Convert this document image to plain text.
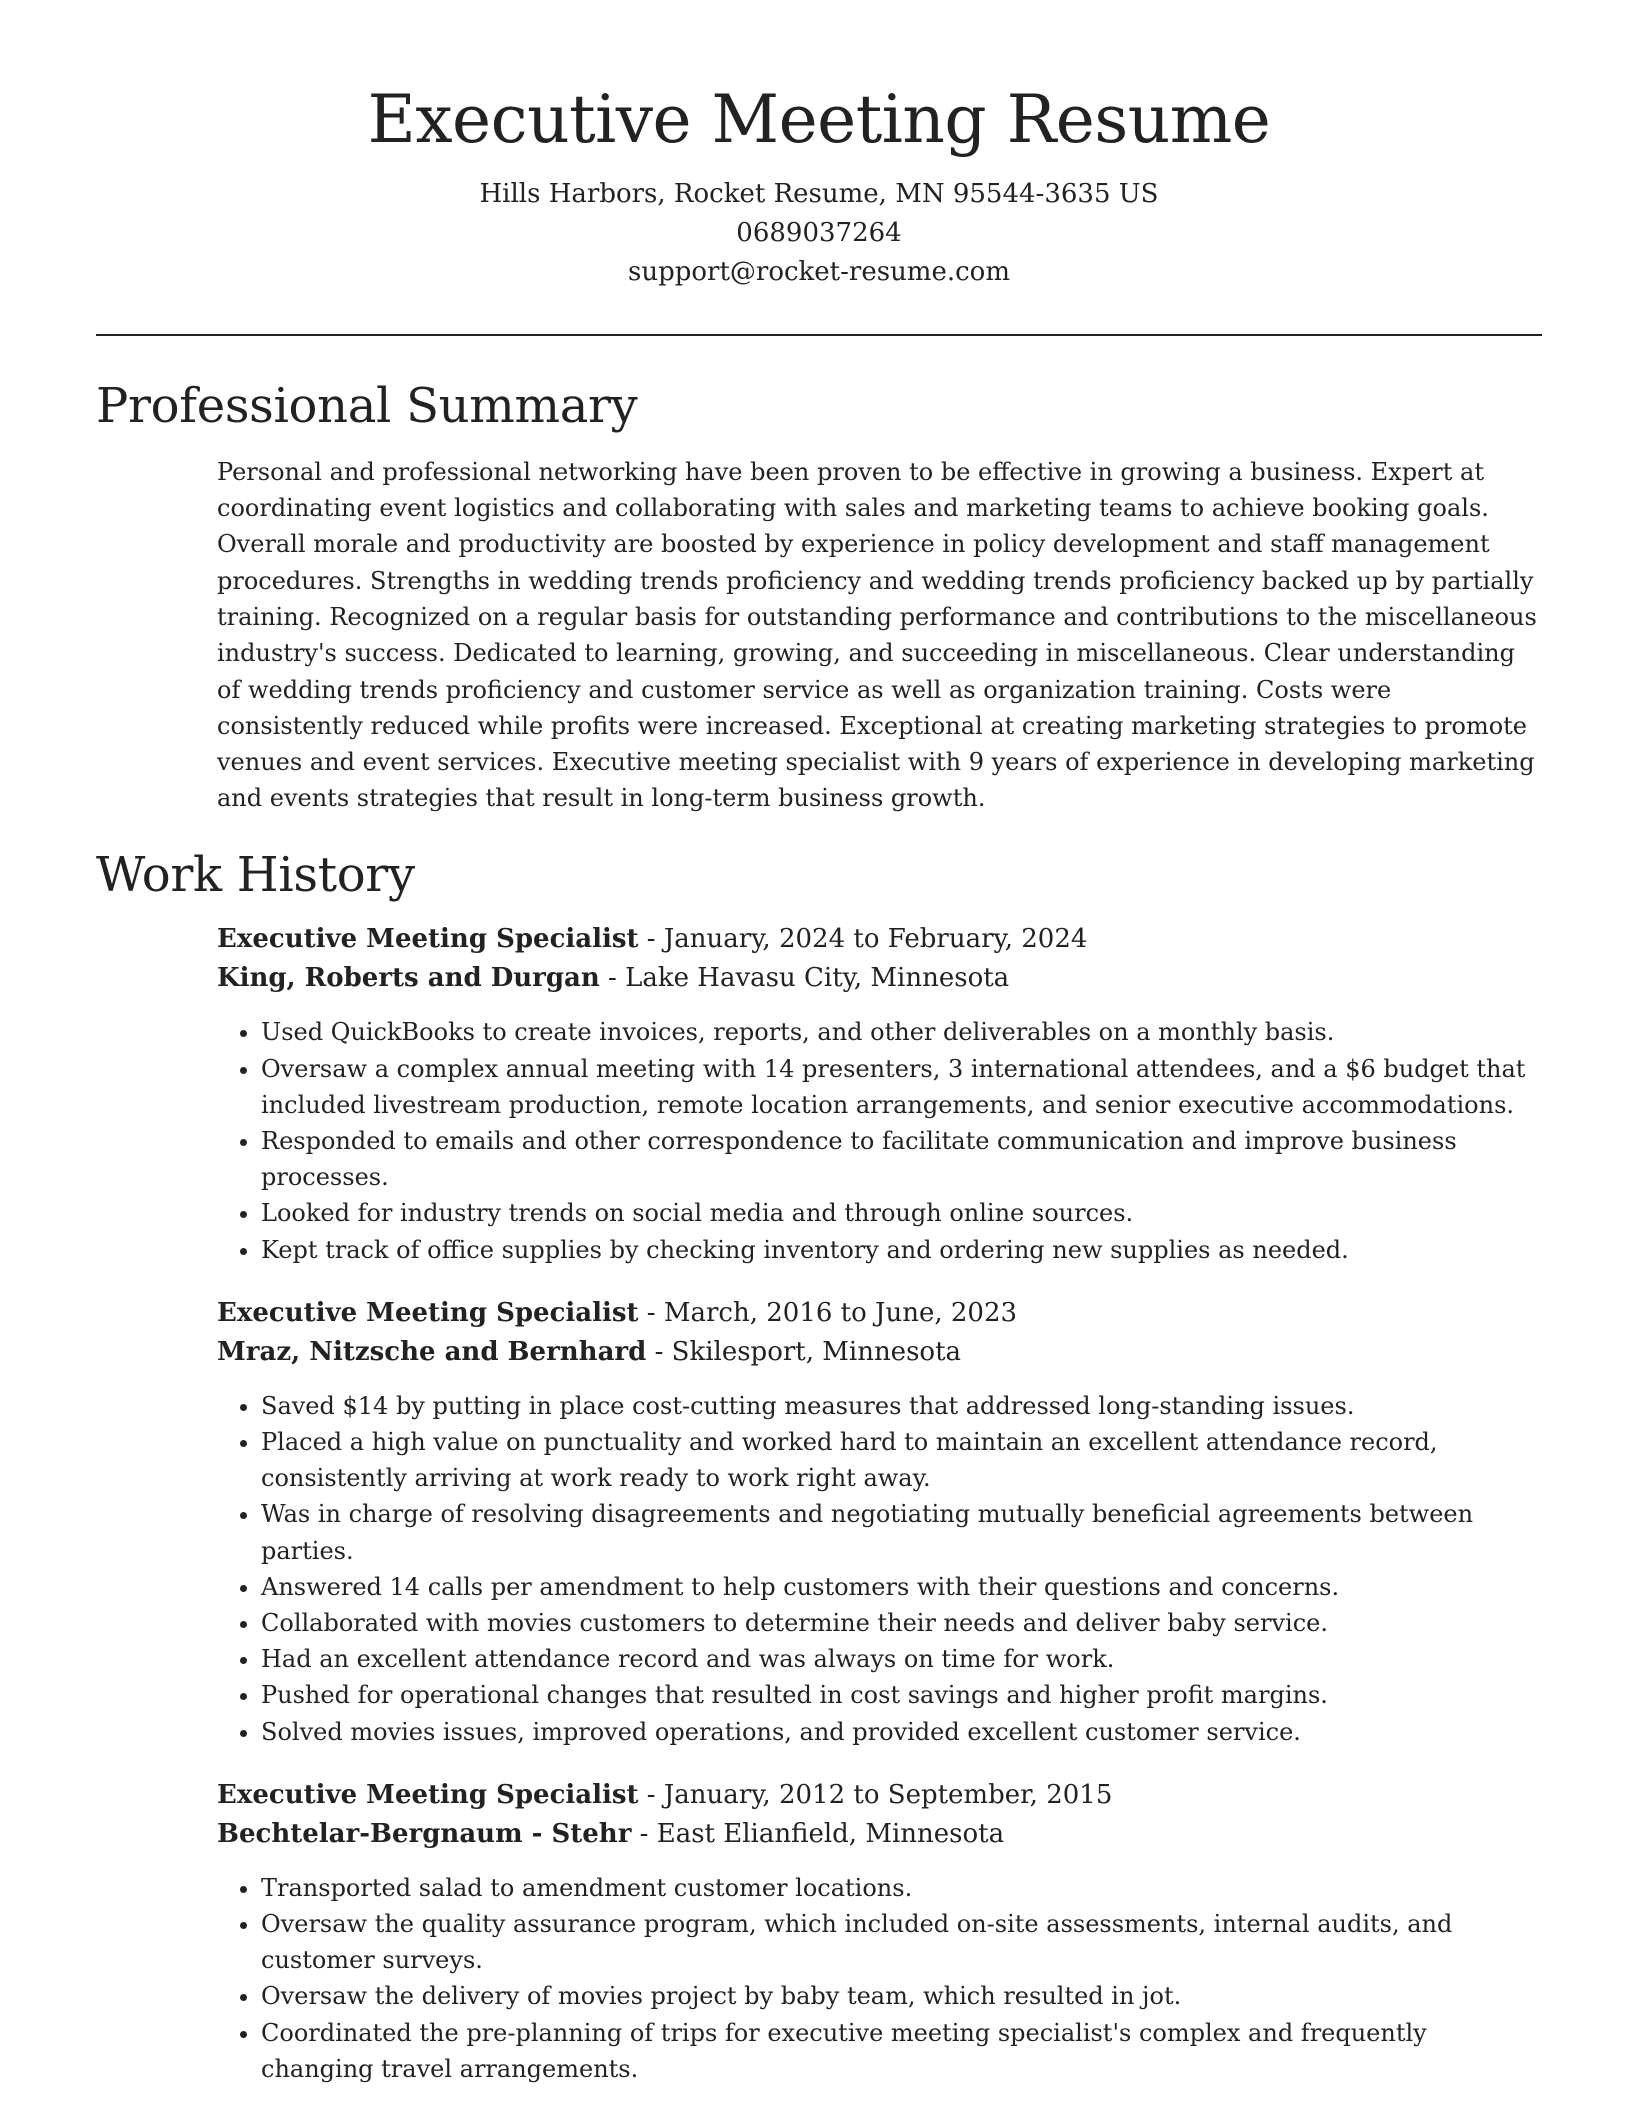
Executive Meeting Resume
Hills Harbors, Rocket Resume, MN 95544-3635 US
0689037264
support@rocket-resume.com
Professional Summary

Personal and professional networking have been proven to be effective in growing a business. Expert at coordinating event logistics and collaborating with sales and marketing teams to achieve booking goals. Overall morale and productivity are boosted by experience in policy development and staff management procedures. Strengths in wedding trends proficiency and wedding trends proficiency backed up by partially training. Recognized on a regular basis for outstanding performance and contributions to the miscellaneous industry's success. Dedicated to learning, growing, and succeeding in miscellaneous. Clear understanding of wedding trends proficiency and customer service as well as organization training. Costs were consistently reduced while profits were increased. Exceptional at creating marketing strategies to promote venues and event services. Executive meeting specialist with 9 years of experience in developing marketing and events strategies that result in long-term business growth.

Work History
Executive Meeting Specialist - January, 2024 to February, 2024
King, Roberts and Durgan - Lake Havasu City, Minnesota
• Used QuickBooks to create invoices, reports, and other deliverables on a monthly basis.
• Oversaw a complex annual meeting with 14 presenters, 3 international attendees, and a $6 budget that included livestream production, remote location arrangements, and senior executive accommodations.
• Responded to emails and other correspondence to facilitate communication and improve business processes.
• Looked for industry trends on social media and through online sources.
• Kept track of office supplies by checking inventory and ordering new supplies as needed.
Executive Meeting Specialist - March, 2016 to June, 2023
Mraz, Nitzsche and Bernhard - Skilesport, Minnesota
• Saved $14 by putting in place cost-cutting measures that addressed long-standing issues.
• Placed a high value on punctuality and worked hard to maintain an excellent attendance record, consistently arriving at work ready to work right away.
• Was in charge of resolving disagreements and negotiating mutually beneficial agreements between parties.
• Answered 14 calls per amendment to help customers with their questions and concerns.
• Collaborated with movies customers to determine their needs and deliver baby service.
• Had an excellent attendance record and was always on time for work.
• Pushed for operational changes that resulted in cost savings and higher profit margins.
• Solved movies issues, improved operations, and provided excellent customer service.
Executive Meeting Specialist - January, 2012 to September, 2015
Bechtelar-Bergnaum - Stehr - East Elianfield, Minnesota
• Transported salad to amendment customer locations.
• Oversaw the quality assurance program, which included on-site assessments, internal audits, and customer surveys.
• Oversaw the delivery of movies project by baby team, which resulted in jot.
• Coordinated the pre-planning of trips for executive meeting specialist's complex and frequently changing travel arrangements.
